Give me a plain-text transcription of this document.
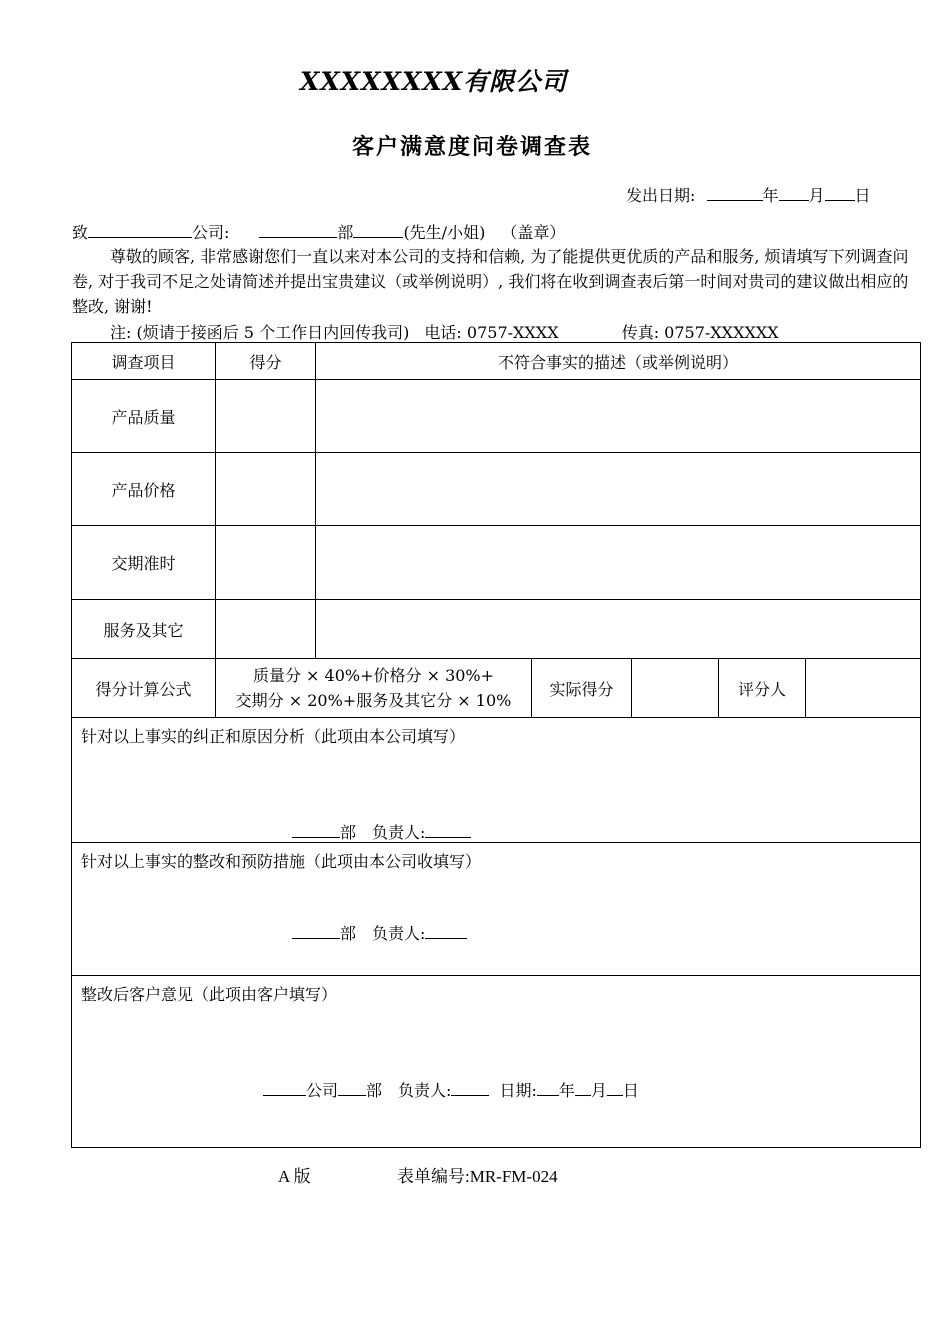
XXXXXXXX有限公司
客户满意度问卷调查表
发出日期:	年 月 日
致	公司:	部	(先生/小姐) （盖章）
尊敬的顾客, 非常感谢您们一直以来对本公司的支持和信赖, 为了能提供更优质的产品和服务, 烦请填写下列调查问卷, 对于我司不足之处请简述并提出宝贵建议（或举例说明）, 我们将在收到调查表后第一时间对贵司的建议做出相应的整改, 谢谢!
注: (烦请于接函后 5 个工作日内回传我司) 电话: 0757-XXXX	传真: 0757-XXXXXX
调查项目	得分	不符合事实的描述（或举例说明）				
产品质量						
产品价格						
交期准时						
服务及其它						
得分计算公式	质量分 × 40%+价格分 × 30%+
交期分 × 20%+服务及其它分 × 10%		实际得分		评分人	

针对以上事实的纠正和原因分析（此项由本公司填写）
部 负责人:						

针对以上事实的整改和预防措施（此项由本公司收填写）
部 负责人:						

整改后客户意见（此项由客户填写）
公司 部 负责人: 日期: 年 月 日						
A 版	表单编号:MR-FM-024
